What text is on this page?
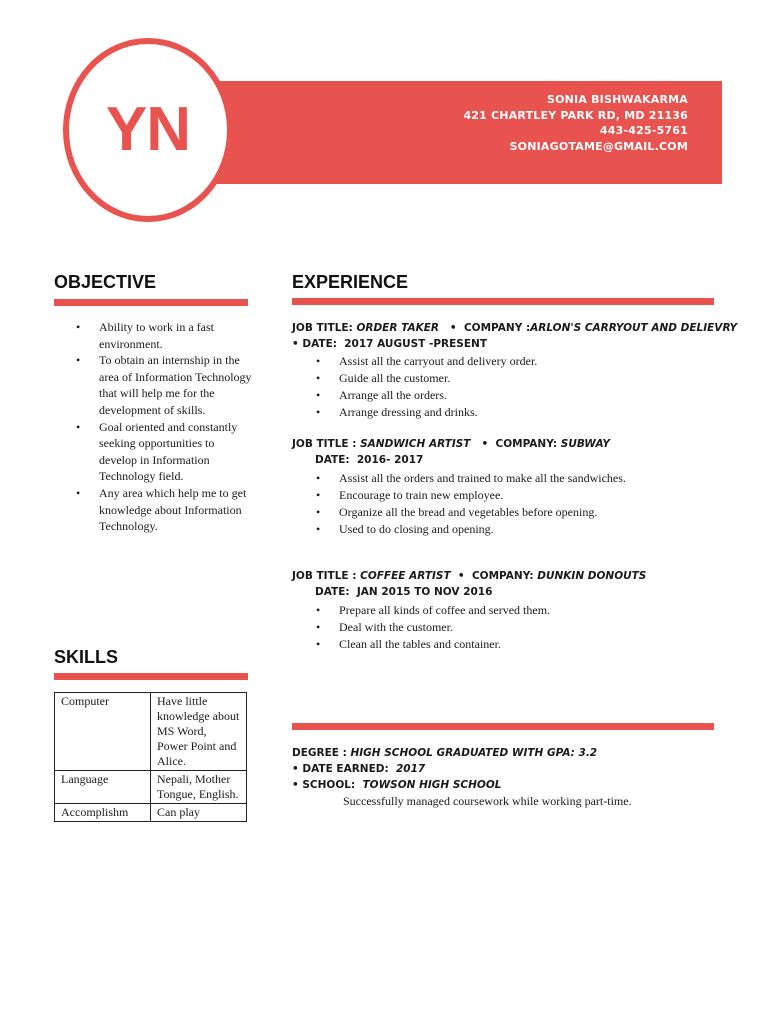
SONIA BISHWAKARMA
421 CHARTLEY PARK RD, MD 21136
443-425-5761
SONIAGOTAME@GMAIL.COM
YN
OBJECTIVE
• Ability to work in a fast environment.
• To obtain an internship in the area of Information Technology that will help me for the development of skills.
• Goal oriented and constantly seeking opportunities to develop in Information Technology field.
• Any area which help me to get knowledge about Information Technology.
SKILLS
Computer	Have little knowledge about MS Word, Power Point and Alice.
Language	Nepali, Mother Tongue, English.
Accomplishm	Can play
EXPERIENCE
JOB TITLE: ORDER TAKER   •  COMPANY :ARLON'S CARRYOUT AND DELIEVRY
• DATE: 2017 AUGUST -PRESENT
• Assist all the carryout and delivery order.
• Guide all the customer.
• Arrange all the orders.
• Arrange dressing and drinks.
JOB TITLE : SANDWICH ARTIST   •  COMPANY: SUBWAY
DATE: 2016- 2017
• Assist all the orders and trained to make all the sandwiches.
• Encourage to train new employee.
• Organize all the bread and vegetables before opening.
• Used to do closing and opening.
JOB TITLE : COFFEE ARTIST  •  COMPANY: DUNKIN DONOUTS
DATE: JAN 2015 TO NOV 2016
• Prepare all kinds of coffee and served them.
• Deal with the customer.
• Clean all the tables and container.
DEGREE : HIGH SCHOOL GRADUATED WITH GPA: 3.2
• DATE EARNED: 2017
• SCHOOL: TOWSON HIGH SCHOOL
Successfully managed coursework while working part-time.
